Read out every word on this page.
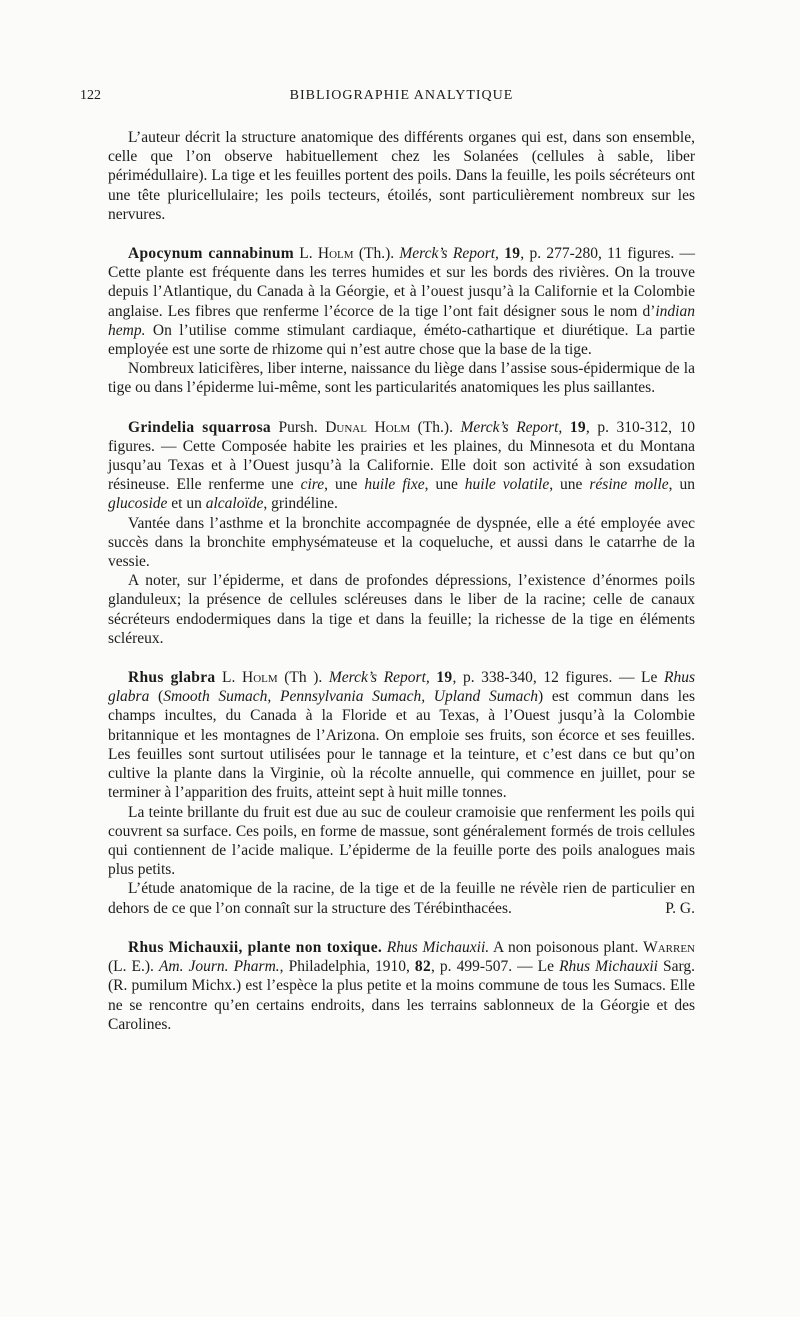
122	BIBLIOGRAPHIE ANALYTIQUE

L’auteur décrit la structure anatomique des différents organes qui est, dans son ensemble, celle que l’on observe habituellement chez les Solanées (cellules à sable, liber périmédullaire). La tige et les feuilles portent des poils. Dans la feuille, les poils sécréteurs ont une tête pluricellulaire; les poils tecteurs, étoilés, sont particulièrement nombreux sur les nervures.

Apocynum cannabinum L. Holm (Th.). Merck’s Report, 19, p. 277-280, 11 figures. — Cette plante est fréquente dans les terres humides et sur les bords des rivières. On la trouve depuis l’Atlantique, du Canada à la Géorgie, et à l’ouest jusqu’à la Californie et la Colombie anglaise. Les fibres que renferme l’écorce de la tige l’ont fait désigner sous le nom d’indian hemp. On l’utilise comme stimulant cardiaque, éméto-cathartique et diurétique. La partie employée est une sorte de rhizome qui n’est autre chose que la base de la tige.

Nombreux laticifères, liber interne, naissance du liège dans l’assise sous-épidermique de la tige ou dans l’épiderme lui-même, sont les particularités anatomiques les plus saillantes.

Grindelia squarrosa Pursh. Dunal Holm (Th.). Merck’s Report, 19, p. 310-312, 10 figures. — Cette Composée habite les prairies et les plaines, du Minnesota et du Montana jusqu’au Texas et à l’Ouest jusqu’à la Californie. Elle doit son activité à son exsudation résineuse. Elle renferme une cire, une huile fixe, une huile volatile, une résine molle, un glucoside et un alcaloïde, grindéline.

Vantée dans l’asthme et la bronchite accompagnée de dyspnée, elle a été employée avec succès dans la bronchite emphysémateuse et la coqueluche, et aussi dans le catarrhe de la vessie.

A noter, sur l’épiderme, et dans de profondes dépressions, l’existence d’énormes poils glanduleux; la présence de cellules scléreuses dans le liber de la racine; celle de canaux sécréteurs endodermiques dans la tige et dans la feuille; la richesse de la tige en éléments scléreux.

Rhus glabra L. Holm (Th ). Merck’s Report, 19, p. 338-340, 12 figures. — Le Rhus glabra (Smooth Sumach, Pennsylvania Sumach, Upland Sumach) est commun dans les champs incultes, du Canada à la Floride et au Texas, à l’Ouest jusqu’à la Colombie britannique et les montagnes de l’Arizona. On emploie ses fruits, son écorce et ses feuilles. Les feuilles sont surtout utilisées pour le tannage et la teinture, et c’est dans ce but qu’on cultive la plante dans la Virginie, où la récolte annuelle, qui commence en juillet, pour se terminer à l’apparition des fruits, atteint sept à huit mille tonnes.

La teinte brillante du fruit est due au suc de couleur cramoisie que renferment les poils qui couvrent sa surface. Ces poils, en forme de massue, sont généralement formés de trois cellules qui contiennent de l’acide malique. L’épiderme de la feuille porte des poils analogues mais plus petits.

L’étude anatomique de la racine, de la tige et de la feuille ne révèle rien de particulier en dehors de ce que l’on connaît sur la structure des Térébinthacées.	P. G.

Rhus Michauxii, plante non toxique. Rhus Michauxii. A non poisonous plant. Warren (L. E.). Am. Journ. Pharm., Philadelphia, 1910, 82, p. 499-507. — Le Rhus Michauxii Sarg. (R. pumilum Michx.) est l’espèce la plus petite et la moins commune de tous les Sumacs. Elle ne se rencontre qu’en certains endroits, dans les terrains sablonneux de la Géorgie et des Carolines.
